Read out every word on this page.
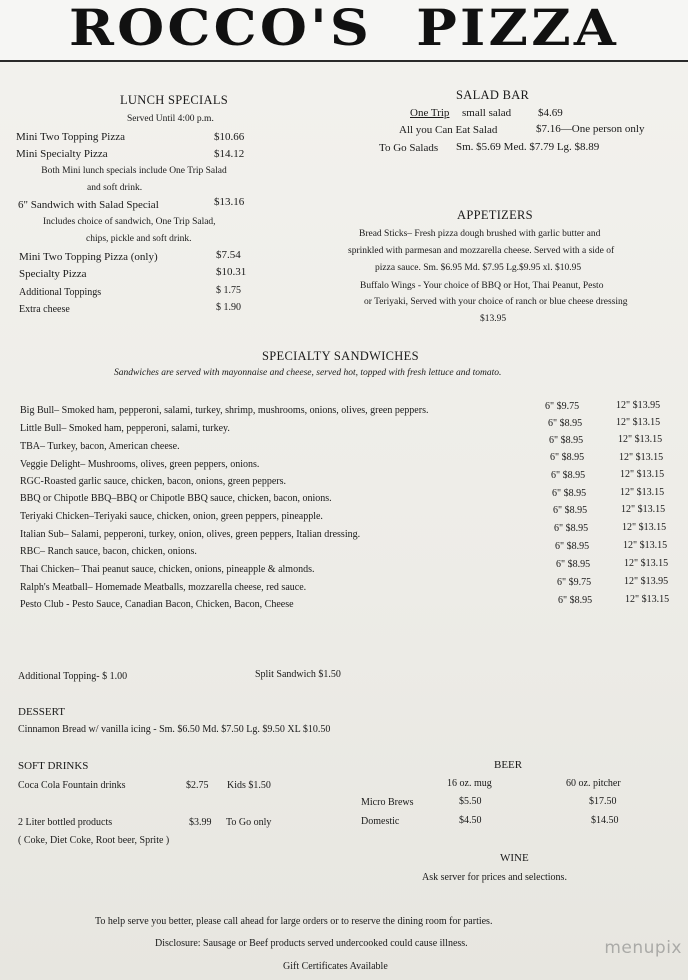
ROCCO'S  PIZZA
LUNCH SPECIALS
Served Until 4:00 p.m.
Mini Two Topping Pizza	$10.66
Mini Specialty Pizza	$14.12
Both Mini lunch specials include One Trip Salad
and soft drink.
6" Sandwich with Salad Special	$13.16
Includes choice of sandwich, One Trip Salad,
chips, pickle and soft drink.
Mini Two Topping Pizza (only)	$7.54
Specialty Pizza	$10.31
Additional Toppings	$ 1.75
Extra cheese	$ 1.90
SALAD BAR
One Trip small salad $4.69
All you Can Eat Salad	$7.16—One person only
To Go Salads Sm. $5.69 Med. $7.79 Lg. $8.89
APPETIZERS
Bread Sticks– Fresh pizza dough brushed with garlic butter and
sprinkled with parmesan and mozzarella cheese. Served with a side of
pizza sauce. Sm. $6.95 Md. $7.95 Lg.$9.95 xl. $10.95
Buffalo Wings - Your choice of BBQ or Hot, Thai Peanut, Pesto
or Teriyaki, Served with your choice of ranch or blue cheese dressing
$13.95
SPECIALTY SANDWICHES
Sandwiches are served with mayonnaise and cheese, served hot, topped with fresh lettuce and tomato.
Big Bull– Smoked ham, pepperoni, salami, turkey, shrimp, mushrooms, onions, olives, green peppers.	6" $9.75	12" $13.95
Little Bull– Smoked ham, pepperoni, salami, turkey.	6" $8.95	12" $13.15
TBA– Turkey, bacon, American cheese.
6" $8.95	12" $13.15
Veggie Delight– Mushrooms, olives, green peppers, onions.
6" $8.95	12" $13.15
RGC-Roasted garlic sauce, chicken, bacon, onions, green peppers.
6" $8.95	12" $13.15
BBQ or Chipotle BBQ–BBQ or Chipotle BBQ sauce, chicken, bacon, onions.	6" $8.95	12" $13.15
Teriyaki Chicken–Teriyaki sauce, chicken, onion, green peppers, pineapple.
6" $8.95	12" $13.15
Italian Sub– Salami, pepperoni, turkey, onion, olives, green peppers, Italian dressing.
6" $8.95	12" $13.15
RBC– Ranch sauce, bacon, chicken, onions.	6" $8.95	12" $13.15
Thai Chicken– Thai peanut sauce, chicken, onions, pineapple & almonds.	6" $8.95	12" $13.15
Ralph's Meatball– Homemade Meatballs, mozzarella cheese, red sauce.	6" $9.75	12" $13.95
Pesto Club - Pesto Sauce, Canadian Bacon, Chicken, Bacon, Cheese	6" $8.95	12" $13.15
Additional Topping- $ 1.00	Split Sandwich $1.50
DESSERT
Cinnamon Bread w/ vanilla icing - Sm. $6.50 Md. $7.50 Lg. $9.50 XL $10.50
SOFT DRINKS
Coca Cola Fountain drinks	$2.75 Kids $1.50
2 Liter bottled products	$3.99 To Go only
( Coke, Diet Coke, Root beer, Sprite )
BEER
16 oz. mug	60 oz. pitcher
Micro Brews	$5.50	$17.50
Domestic	$4.50	$14.50
WINE
Ask server for prices and selections.
To help serve you better, please call ahead for large orders or to reserve the dining room for parties.
Disclosure: Sausage or Beef products served undercooked could cause illness.
Gift Certificates Available
menupix
